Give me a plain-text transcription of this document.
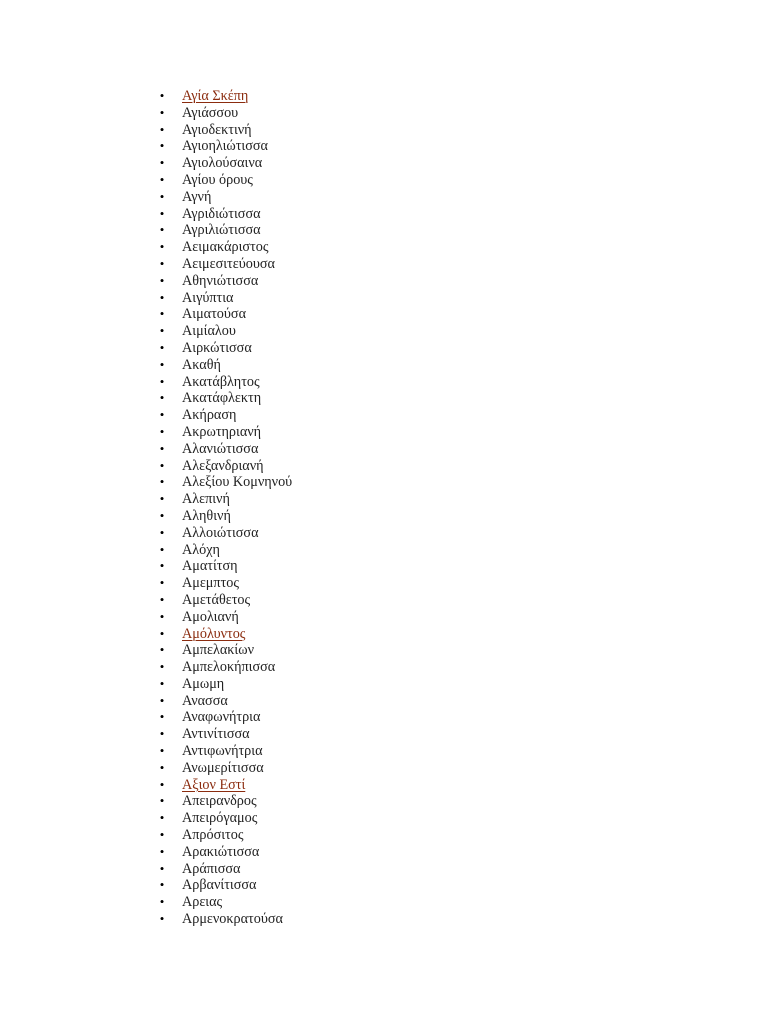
• Αγία Σκέπη
• Αγιάσσου
• Αγιοδεκτινή
• Αγιοηλιώτισσα
• Αγιολούσαινα
• Αγίου όρους
• Αγνή
• Αγριδιώτισσα
• Αγριλιώτισσα
• Αειμακάριστος
• Αειμεσιτεύουσα
• Αθηνιώτισσα
• Αιγύπτια
• Αιματούσα
• Αιμίαλου
• Αιρκώτισσα
• Ακαθή
• Ακατάβλητος
• Ακατάφλεκτη
• Ακήραση
• Ακρωτηριανή
• Αλανιώτισσα
• Αλεξανδριανή
• Αλεξίου Κομνηνού
• Αλεπινή
• Αληθινή
• Αλλοιώτισσα
• Αλόχη
• Αματίτση
• Αμεμπτος
• Αμετάθετος
• Αμολιανή
• Αμόλυντος
• Αμπελακίων
• Αμπελοκήπισσα
• Αμωμη
• Ανασσα
• Αναφωνήτρια
• Αντινίτισσα
• Αντιφωνήτρια
• Ανωμερίτισσα
• Αξιον Εστί
• Απειρανδρος
• Απειρόγαμος
• Απρόσιτος
• Αρακιώτισσα
• Αράπισσα
• Αρβανίτισσα
• Αρειας
• Αρμενοκρατούσα
